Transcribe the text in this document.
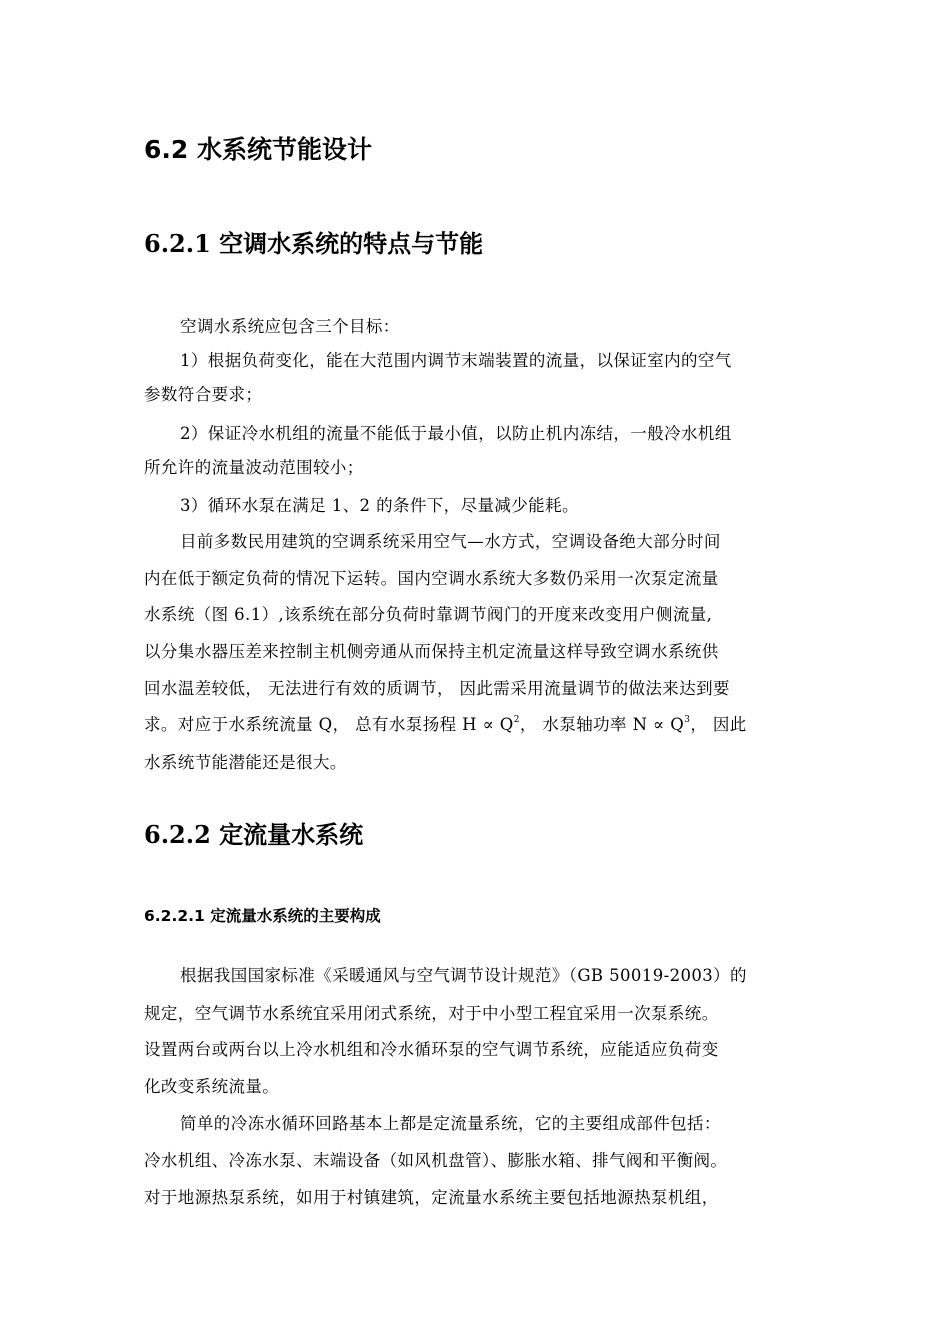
6.2 水系统节能设计
6.2.1 空调水系统的特点与节能
空调水系统应包含三个目标：
1）根据负荷变化，能在大范围内调节末端装置的流量，以保证室内的空气
参数符合要求；
2）保证冷水机组的流量不能低于最小值，以防止机内冻结，一般冷水机组
所允许的流量波动范围较小；
3）循环水泵在满足 1、2 的条件下，尽量减少能耗。
目前多数民用建筑的空调系统采用空气—水方式，空调设备绝大部分时间
内在低于额定负荷的情况下运转。国内空调水系统大多数仍采用一次泵定流量
水系统（图 6.1）,该系统在部分负荷时靠调节阀门的开度来改变用户侧流量,
以分集水器压差来控制主机侧旁通从而保持主机定流量这样导致空调水系统供
回水温差较低， 无法进行有效的质调节， 因此需采用流量调节的做法来达到要
求。对应于水系统流量 Q， 总有水泵扬程 $H \propto Q^2$， 水泵轴功率 $N \propto Q^3$， 因此
水系统节能潜能还是很大。
6.2.2 定流量水系统
6.2.2.1 定流量水系统的主要构成
根据我国国家标准《采暖通风与空气调节设计规范》（GB 50019-2003）的
规定，空气调节水系统宜采用闭式系统，对于中小型工程宜采用一次泵系统。
设置两台或两台以上冷水机组和冷水循环泵的空气调节系统，应能适应负荷变
化改变系统流量。
简单的冷冻水循环回路基本上都是定流量系统，它的主要组成部件包括：
冷水机组、冷冻水泵、末端设备（如风机盘管）、膨胀水箱、排气阀和平衡阀。
对于地源热泵系统，如用于村镇建筑，定流量水系统主要包括地源热泵机组，
